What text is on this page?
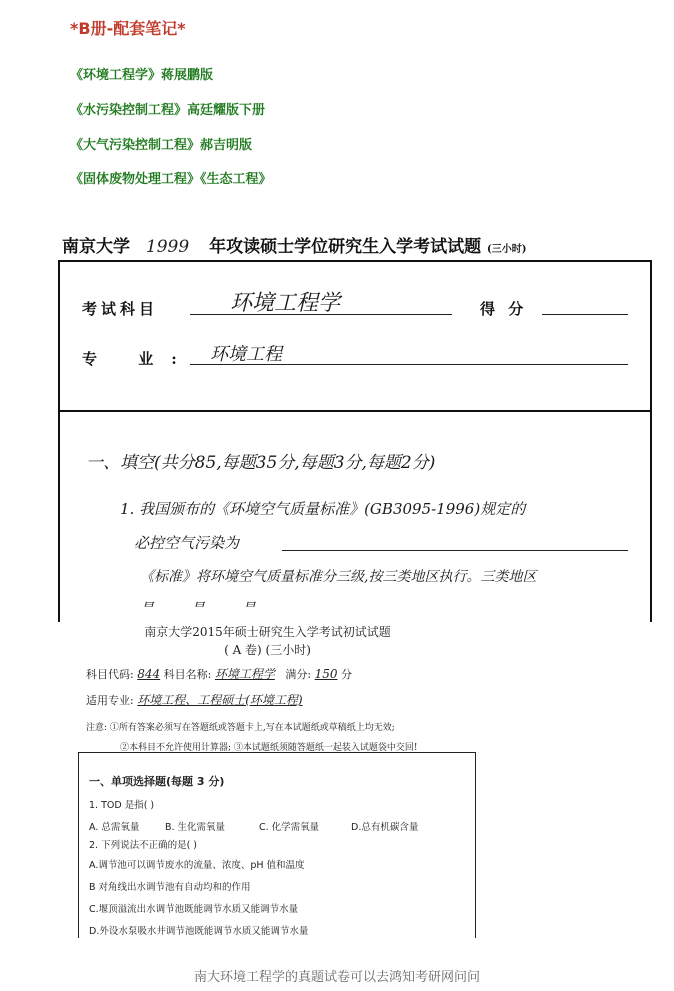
*B册-配套笔记*
《环境工程学》蒋展鹏版
《水污染控制工程》高廷耀版下册
《大气污染控制工程》郝吉明版
《固体废物处理工程》《生态工程》
南京大学 1999 年攻读硕士学位研究生入学考试试题 (三小时)
考试科目	环境工程学	得 分
专 业: 环境工程
一、填空(共分85,每题35分,每题3分,每题2分)
1. 我国颁布的《环境空气质量标准》(GB3095-1996)规定的
必控空气污染为
《标准》将环境空气质量标准分三级,按三类地区执行。三类地区
南京大学2015年硕士研究生入学考试初试试题
( A 卷) (三小时)
科目代码: 844 科目名称: 环境工程学 满分: 150 分
适用专业: 环境工程、工程硕士(环境工程)
注意: ①所有答案必须写在答题纸或答题卡上,写在本试题纸或草稿纸上均无效;
②本科目不允许使用计算器; ③本试题纸须随答题纸一起装入试题袋中交回!
一、单项选择题(每题 3 分)
1. TOD 是指( )
A. 总需氧量	B. 生化需氧量	C. 化学需氧量	D.总有机碳含量
2. 下列说法不正确的是( )
A.调节池可以调节废水的流量、浓度、pH 值和温度
B 对角线出水调节池有自动均和的作用
C.堰顶溢流出水调节池既能调节水质又能调节水量
D.外设水泵吸水井调节池既能调节水质又能调节水量
南大环境工程学的真题试卷可以去鸿知考研网问问
